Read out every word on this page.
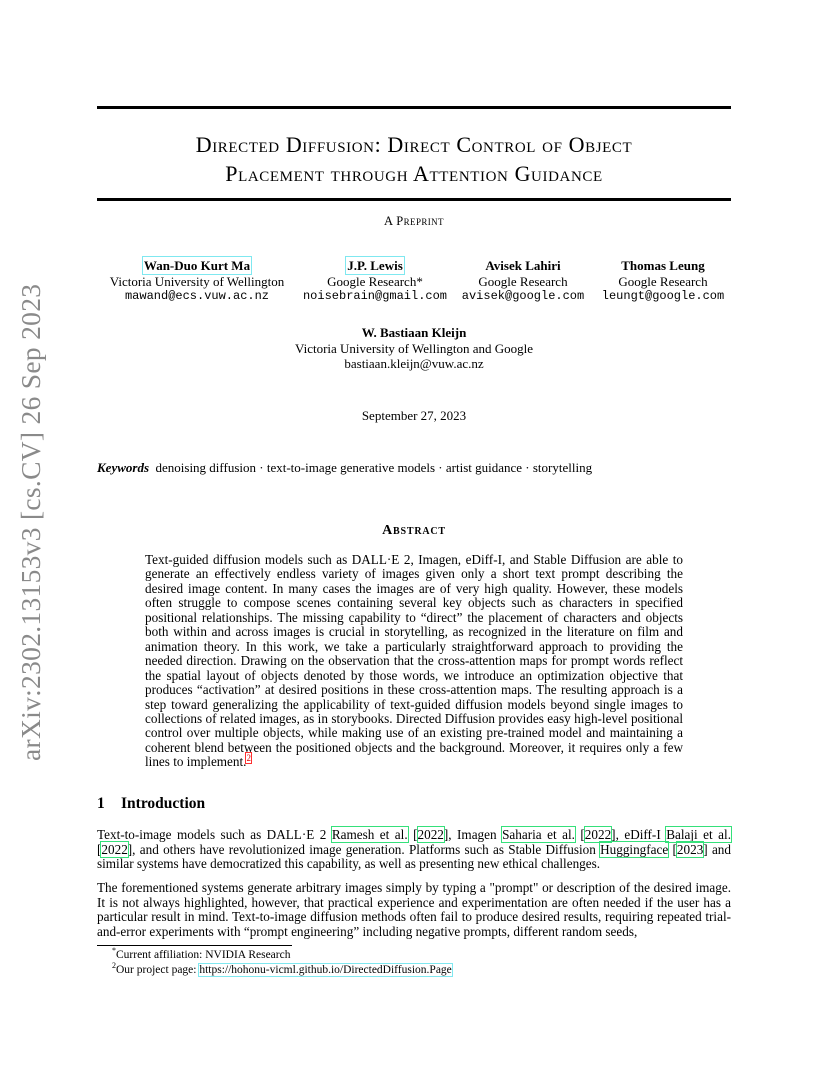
arXiv:2302.13153v3 [cs.CV] 26 Sep 2023
Directed Diffusion: Direct Control of Object
Placement through Attention Guidance
A Preprint
Wan-Duo Kurt Ma
Victoria University of Wellington
mawand@ecs.vuw.ac.nz
J.P. Lewis
Google Research*
noisebrain@gmail.com
Avisek Lahiri
Google Research
avisek@google.com
Thomas Leung
Google Research
leungt@google.com
W. Bastiaan Kleijn
Victoria University of Wellington and Google
bastiaan.kleijn@vuw.ac.nz
September 27, 2023
Keywords denoising diffusion · text-to-image generative models · artist guidance · storytelling
Abstract
Text-guided diffusion models such as DALL·E 2, Imagen, eDiff-I, and Stable Diffusion are able to generate an effectively endless variety of images given only a short text prompt describing the desired image content. In many cases the images are of very high quality. However, these models often struggle to compose scenes containing several key objects such as characters in specified positional relationships. The missing capability to “direct” the placement of characters and objects both within and across images is crucial in storytelling, as recognized in the literature on film and animation theory. In this work, we take a particularly straightforward approach to providing the needed direction. Drawing on the observation that the cross-attention maps for prompt words reflect the spatial layout of objects denoted by those words, we introduce an optimization objective that produces “activation” at desired positions in these cross-attention maps. The resulting approach is a step toward generalizing the applicability of text-guided diffusion models beyond single images to collections of related images, as in storybooks. Directed Diffusion provides easy high-level positional control over multiple objects, while making use of an existing pre-trained model and maintaining a coherent blend between the positioned objects and the background. Moreover, it requires only a few lines to implement.$^2$
1 Introduction
Text-to-image models such as DALL·E 2 Ramesh et al. [2022], Imagen Saharia et al. [2022], eDiff-I Balaji et al. [2022], and others have revolutionized image generation. Platforms such as Stable Diffusion Huggingface [2023] and similar systems have democratized this capability, as well as presenting new ethical challenges.
The forementioned systems generate arbitrary images simply by typing a "prompt" or description of the desired image. It is not always highlighted, however, that practical experience and experimentation are often needed if the user has a particular result in mind. Text-to-image diffusion methods often fail to produce desired results, requiring repeated trial-and-error experiments with “prompt engineering” including negative prompts, different random seeds,
*Current affiliation: NVIDIA Research
$^2$Our project page: https://hohonu-vicml.github.io/DirectedDiffusion.Page
